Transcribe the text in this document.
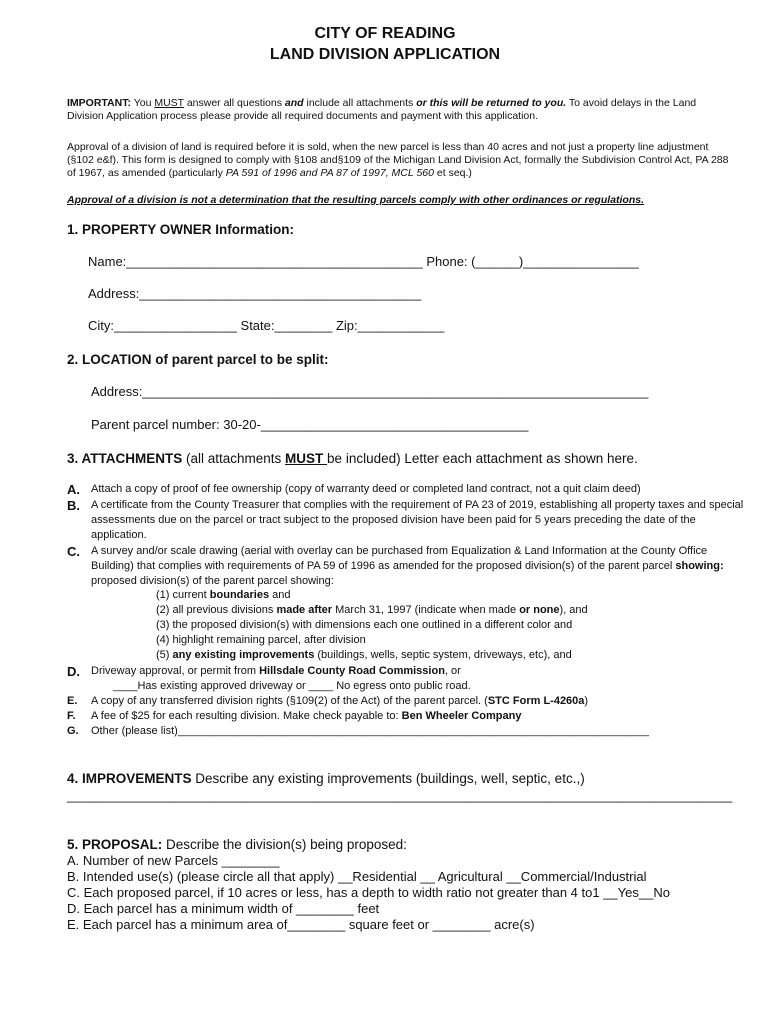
CITY OF READING
LAND DIVISION APPLICATION
IMPORTANT: You MUST answer all questions and include all attachments or this will be returned to you. To avoid delays in the Land Division Application process please provide all required documents and payment with this application.
Approval of a division of land is required before it is sold, when the new parcel is less than 40 acres and not just a property line adjustment (§102 e&f). This form is designed to comply with §108 and§109 of the Michigan Land Division Act, formally the Subdivision Control Act, PA 288 of 1967, as amended (particularly PA 591 of 1996 and PA 87 of 1997, MCL 560 et seq.)
Approval of a division is not a determination that the resulting parcels comply with other ordinances or regulations.
1. PROPERTY OWNER Information:
Name:_________________________________________ Phone: (______)________________
Address:_______________________________________
City:_________________ State:________ Zip:____________
2. LOCATION of parent parcel to be split:
Address:______________________________________________________________________
Parent parcel number: 30-20-_____________________________________
3. ATTACHMENTS (all attachments MUST be included) Letter each attachment as shown here.
A. Attach a copy of proof of fee ownership (copy of warranty deed or completed land contract, not a quit claim deed)
B. A certificate from the County Treasurer that complies with the requirement of PA 23 of 2019, establishing all property taxes and special assessments due on the parcel or tract subject to the proposed division have been paid for 5 years preceding the date of the application.
C. A survey and/or scale drawing (aerial with overlay can be purchased from Equalization & Land Information at the County Office Building) that complies with requirements of PA 59 of 1996 as amended for the proposed division(s) of the parent parcel showing: proposed division(s) of the parent parcel showing:
(1) current boundaries and
(2) all previous divisions made after March 31, 1997 (indicate when made or none), and
(3) the proposed division(s) with dimensions each one outlined in a different color and
(4) highlight remaining parcel, after division
(5) any existing improvements (buildings, wells, septic system, driveways, etc), and
D. Driveway approval, or permit from Hillsdale County Road Commission, or
____Has existing approved driveway or ____ No egress onto public road.
E. A copy of any transferred division rights (§109(2) of the Act) of the parent parcel. (STC Form L-4260a)
F. A fee of $25 for each resulting division. Make check payable to: Ben Wheeler Company
G. Other (please list)_____________________________________________________________________________
4. IMPROVEMENTS Describe any existing improvements (buildings, well, septic, etc.,)
____________________________________________________________________________________________
5. PROPOSAL: Describe the division(s) being proposed:
A. Number of new Parcels ________
B. Intended use(s) (please circle all that apply) __Residential __ Agricultural __Commercial/Industrial
C. Each proposed parcel, if 10 acres or less, has a depth to width ratio not greater than 4 to1 __Yes__No
D. Each parcel has a minimum width of ________ feet
E. Each parcel has a minimum area of________ square feet or ________ acre(s)
